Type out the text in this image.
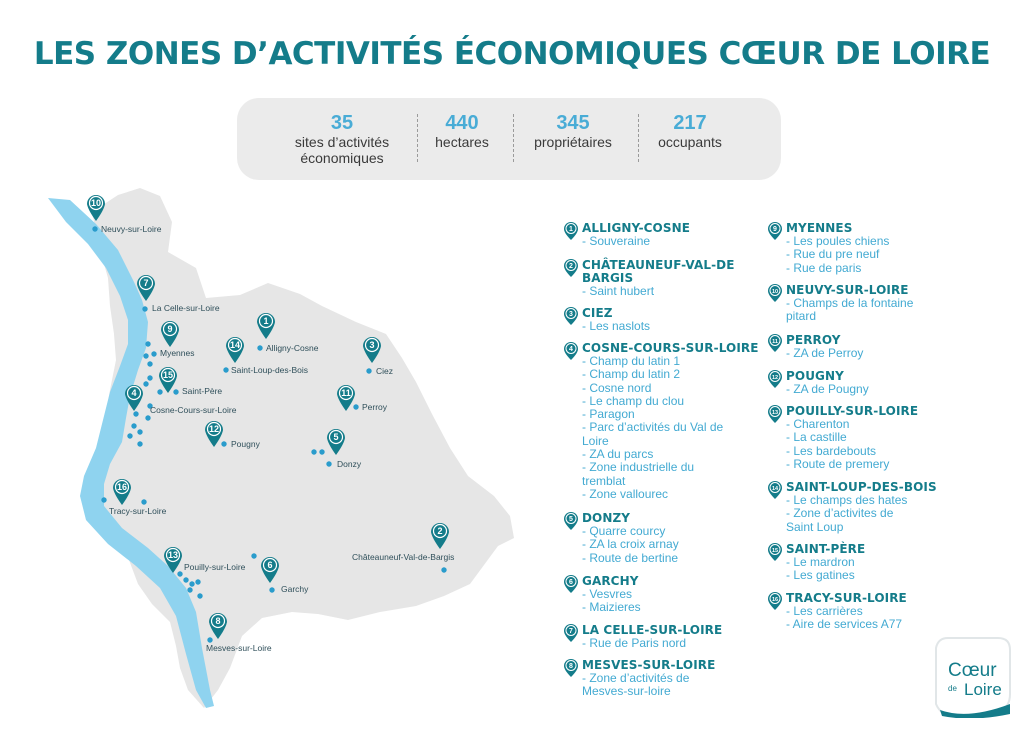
LES ZONES D’ACTIVITÉS ÉCONOMIQUES CŒUR DE LOIRE
35
sites d’activités
économiques
440
hectares
345
propriétaires
217
occupants
Loire
1
Alligny-Cosne
2
Châteauneuf-Val-de-Bargis
3
Ciez
4
Cosne-Cours-sur-Loire
5
Donzy
6
Garchy
7
La Celle-sur-Loire
8
Mesves-sur-Loire
9
Myennes
10
Neuvy-sur-Loire
11
Perroy
12
Pougny
13
Pouilly-sur-Loire
14
Saint-Loup-des-Bois
15
Saint-Père
16
Tracy-sur-Loire
1 ALLIGNY-COSNE
- Souveraine
2 CHÂTEAUNEUF-VAL-DE
BARGIS
- Saint hubert
3 CIEZ
- Les naslots
4 COSNE-COURS-SUR-LOIRE
- Champ du latin 1
- Champ du latin 2
- Cosne nord
- Le champ du clou
- Paragon
- Parc d’activités du Val de
Loire
- ZA du parcs
- Zone industrielle du
tremblat
- Zone vallourec
5 DONZY
- Quarre courcy
- ZA la croix arnay
- Route de bertine
6 GARCHY
- Vesvres
- Maizieres
7 LA CELLE-SUR-LOIRE
- Rue de Paris nord
8 MESVES-SUR-LOIRE
- Zone d’activités de
Mesves-sur-loire
9 MYENNES
- Les poules chiens
- Rue du pre neuf
- Rue de paris
10 NEUVY-SUR-LOIRE
- Champs de la fontaine
pitard
11 PERROY
- ZA de Perroy
12 POUGNY
- ZA de Pougny
13 POUILLY-SUR-LOIRE
- Charenton
- La castille
- Les bardebouts
- Route de premery
14 SAINT-LOUP-DES-BOIS
- Le champs des hates
- Zone d’activites de
Saint Loup
15 SAINT-PÈRE
- Le mardron
- Les gatines
16 TRACY-SUR-LOIRE
- Les carrières
- Aire de services A77
Cœur
de Loire
